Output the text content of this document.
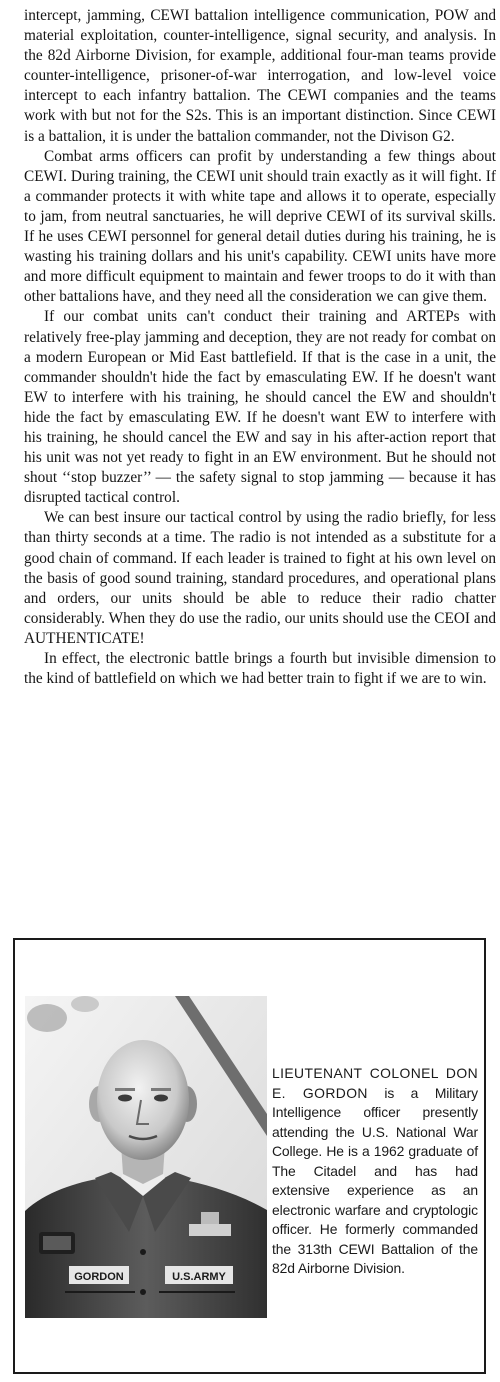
intercept, jamming, CEWI battalion intelligence communication, POW and material exploitation, counter-intelligence, signal security, and analysis. In the 82d Airborne Division, for example, additional four-man teams provide counter-intelligence, prisoner-of-war interrogation, and low-level voice intercept to each infantry battalion. The CEWI companies and the teams work with but not for the S2s. This is an important distinction. Since CEWI is a battalion, it is under the battalion commander, not the Divison G2.

Combat arms officers can profit by understanding a few things about CEWI. During training, the CEWI unit should train exactly as it will fight. If a commander protects it with white tape and allows it to operate, especially to jam, from neutral sanctuaries, he will deprive CEWI of its survival skills. If he uses CEWI personnel for general detail duties during his training, he is wasting his training dollars and his unit's capability. CEWI units have more and more difficult equipment to maintain and fewer troops to do it with than other battalions have, and they need all the consideration we can give them.

If our combat units can't conduct their training and ARTEPs with relatively free-play jamming and deception, they are not ready for combat on a modern European or Mid East battlefield. If that is the case in a unit, the commander shouldn't hide the fact by emasculating EW. If he doesn't want EW to interfere with his training, he should cancel the EW and shouldn't hide the fact by emasculating EW. If he doesn't want EW to interfere with his training, he should cancel the EW and say in his after-action report that his unit was not yet ready to fight in an EW environment. But he should not shout ‘‘stop buzzer’’ — the safety signal to stop jamming — because it has disrupted tactical control.

We can best insure our tactical control by using the radio briefly, for less than thirty seconds at a time. The radio is not intended as a substitute for a good chain of command. If each leader is trained to fight at his own level on the basis of good sound training, standard procedures, and operational plans and orders, our units should be able to reduce their radio chatter considerably. When they do use the radio, our units should use the CEOI and AUTHENTICATE!

In effect, the electronic battle brings a fourth but invisible dimension to the kind of battlefield on which we had better train to fight if we are to win.

GORDON	U.S.ARMY
LIEUTENANT COLONEL DON E. GORDON is a Military Intelligence officer presently attending the U.S. National War College. He is a 1962 graduate of The Citadel and has had extensive experience as an electronic warfare and cryptologic officer. He formerly commanded the 313th CEWI Battalion of the 82d Airborne Division.
